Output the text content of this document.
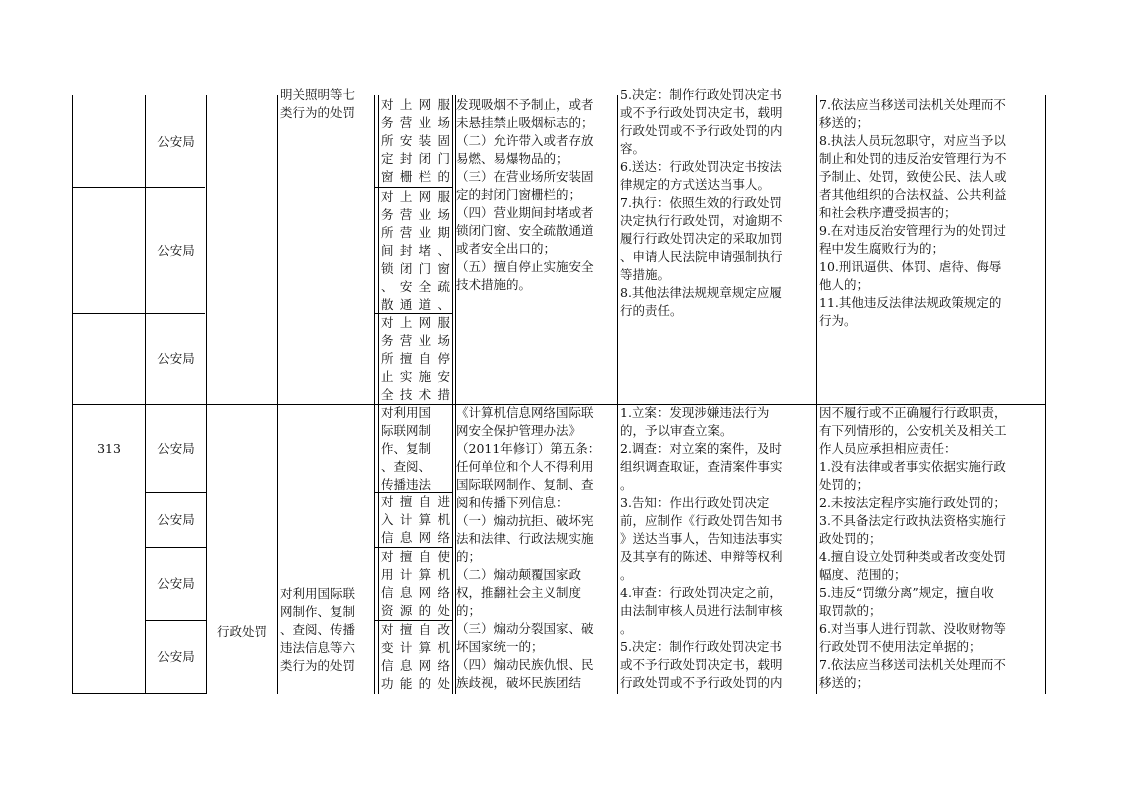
公安局
公安局
公安局
明关照明等七
类行为的处罚
对上网服
务营业场
所安装固
定封闭门
窗栅栏的
对上网服
务营业场
所营业期
间封堵、
锁闭门窗
、安全疏
散通道、
对上网服
务营业场
所擅自停
止实施安
全技术措
发现吸烟不予制止，或者
未悬挂禁止吸烟标志的；
（二）允许带入或者存放
易燃、易爆物品的；
（三）在营业场所安装固
定的封闭门窗栅栏的；
（四）营业期间封堵或者
锁闭门窗、安全疏散通道
或者安全出口的；
（五）擅自停止实施安全
技术措施的。
5.决定：制作行政处罚决定书
或不予行政处罚决定书，载明
行政处罚或不予行政处罚的内
容。
6.送达：行政处罚决定书按法
律规定的方式送达当事人。
7.执行：依照生效的行政处罚
决定执行行政处罚，对逾期不
履行行政处罚决定的采取加罚
、申请人民法院申请强制执行
等措施。
8.其他法律法规规章规定应履
行的责任。
7.依法应当移送司法机关处理而不
移送的；
8.执法人员玩忽职守，对应当予以
制止和处罚的违反治安管理行为不
予制止、处罚，致使公民、法人或
者其他组织的合法权益、公共利益
和社会秩序遭受损害的；
9.在对违反治安管理行为的处罚过
程中发生腐败行为的；
10.刑讯逼供、体罚、虐待、侮辱
他人的；
11.其他违反法律法规政策规定的
行为。
313	公安局
公安局
公安局
公安局
行政处罚
对利用国际联
网制作、复制
、查阅、传播
违法信息等六
类行为的处罚
对利用国
际联网制
作、复制
、查阅、
传播违法
对擅自进
入计算机
信息网络
对擅自使
用计算机
信息网络
资源的处
对擅自改
变计算机
信息网络
功能的处
《计算机信息网络国际联
网安全保护管理办法》
（2011年修订）第五条：
任何单位和个人不得利用
国际联网制作、复制、查
阅和传播下列信息：
（一）煽动抗拒、破坏宪
法和法律、行政法规实施
的；
（二）煽动颠覆国家政
权，推翻社会主义制度
的；
（三）煽动分裂国家、破
坏国家统一的；
（四）煽动民族仇恨、民
族歧视，破坏民族团结
1.立案：发现涉嫌违法行为
的，予以审查立案。
2.调查：对立案的案件，及时
组织调查取证，查清案件事实
。
3.告知：作出行政处罚决定
前，应制作《行政处罚告知书
》送达当事人，告知违法事实
及其享有的陈述、申辩等权利
。
4.审查：行政处罚决定之前，
由法制审核人员进行法制审核
。
5.决定：制作行政处罚决定书
或不予行政处罚决定书，载明
行政处罚或不予行政处罚的内
因不履行或不正确履行行政职责，
有下列情形的，公安机关及相关工
作人员应承担相应责任：
1.没有法律或者事实依据实施行政
处罚的；
2.未按法定程序实施行政处罚的；
3.不具备法定行政执法资格实施行
政处罚的；
4.擅自设立处罚种类或者改变处罚
幅度、范围的；
5.违反“罚缴分离”规定，擅自收
取罚款的；
6.对当事人进行罚款、没收财物等
行政处罚不使用法定单据的；
7.依法应当移送司法机关处理而不
移送的；
